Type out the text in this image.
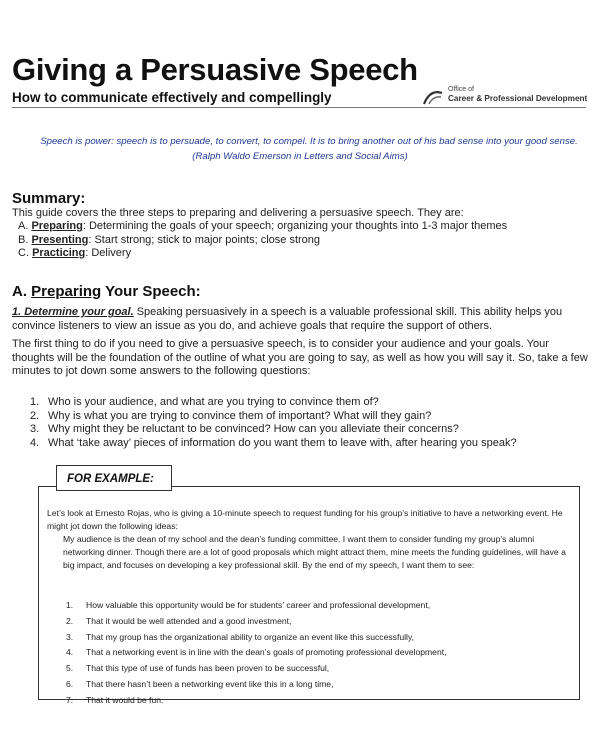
Giving a Persuasive Speech
How to communicate effectively and compellingly
Office of
Career & Professional Development
Speech is power: speech is to persuade, to convert, to compel. It is to bring another out of his bad sense into your good sense.
(Ralph Waldo Emerson in Letters and Social Aims)
Summary:
This guide covers the three steps to preparing and delivering a persuasive speech. They are:
A. Preparing: Determining the goals of your speech; organizing your thoughts into 1-3 major themes
B. Presenting: Start strong; stick to major points; close strong
C. Practicing: Delivery
A. Preparing Your Speech:
1. Determine your goal. Speaking persuasively in a speech is a valuable professional skill. This ability helps you convince listeners to view an issue as you do, and achieve goals that require the support of others.
The first thing to do if you need to give a persuasive speech, is to consider your audience and your goals. Your thoughts will be the foundation of the outline of what you are going to say, as well as how you will say it. So, take a few minutes to jot down some answers to the following questions:
1. Who is your audience, and what are you trying to convince them of?
2. Why is what you are trying to convince them of important? What will they gain?
3. Why might they be reluctant to be convinced? How can you alleviate their concerns?
4. What ‘take away’ pieces of information do you want them to leave with, after hearing you speak?
FOR EXAMPLE:
Let’s look at Ernesto Rojas, who is giving a 10-minute speech to request funding for his group’s initiative to have a networking event. He might jot down the following ideas:
My audience is the dean of my school and the dean’s funding committee. I want them to consider funding my group’s alumni networking dinner. Though there are a lot of good proposals which might attract them, mine meets the funding guidelines, will have a big impact, and focuses on developing a key professional skill. By the end of my speech, I want them to see:
1.	How valuable this opportunity would be for students’ career and professional development,
2.	That it would be well attended and a good investment,
3.	That my group has the organizational ability to organize an event like this successfully,
4.	That a networking event is in line with the dean’s goals of promoting professional development,
5.	That this type of use of funds has been proven to be successful,
6.	That there hasn’t been a networking event like this in a long time,
7.	That it would be fun.
